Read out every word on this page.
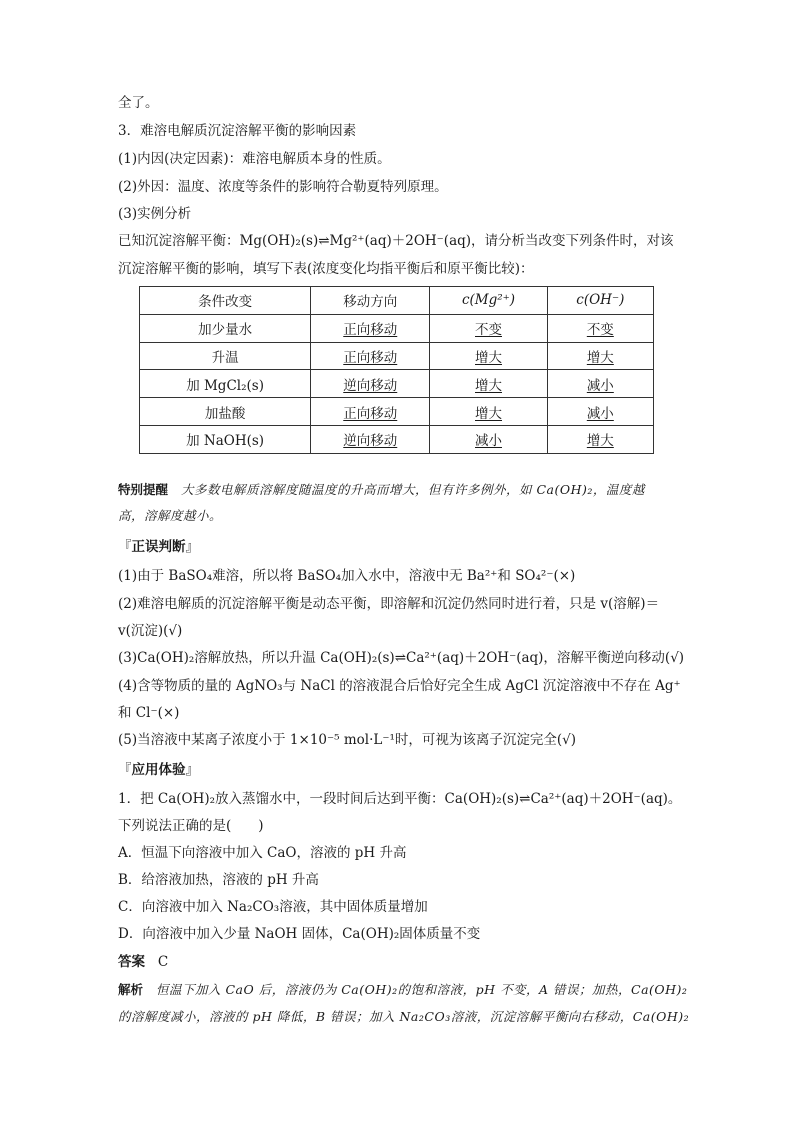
全了。
3．难溶电解质沉淀溶解平衡的影响因素
(1)内因(决定因素)：难溶电解质本身的性质。
(2)外因：温度、浓度等条件的影响符合勒夏特列原理。
(3)实例分析
已知沉淀溶解平衡：Mg(OH)₂(s)⇌Mg²⁺(aq)＋2OH⁻(aq)，请分析当改变下列条件时，对该
沉淀溶解平衡的影响，填写下表(浓度变化均指平衡后和原平衡比较)：
条件改变	移动方向	c(Mg²⁺)	c(OH⁻)
加少量水	正向移动	不变	不变
升温	正向移动	增大	增大
加 MgCl₂(s)	逆向移动	增大	减小
加盐酸	正向移动	增大	减小
加 NaOH(s)	逆向移动	减小	增大
特别提醒　大多数电解质溶解度随温度的升高而增大，但有许多例外，如 Ca(OH)₂，温度越
高，溶解度越小。
『正误判断』
(1)由于 BaSO₄难溶，所以将 BaSO₄加入水中，溶液中无 Ba²⁺和 SO₄²⁻(×)
(2)难溶电解质的沉淀溶解平衡是动态平衡，即溶解和沉淀仍然同时进行着，只是 v(溶解)＝
v(沉淀)(√)
(3)Ca(OH)₂溶解放热，所以升温 Ca(OH)₂(s)⇌Ca²⁺(aq)＋2OH⁻(aq)，溶解平衡逆向移动(√)
(4)含等物质的量的 AgNO₃与 NaCl 的溶液混合后恰好完全生成 AgCl 沉淀溶液中不存在 Ag⁺
和 Cl⁻(×)
(5)当溶液中某离子浓度小于 1×10⁻⁵ mol·L⁻¹时，可视为该离子沉淀完全(√)
『应用体验』
1．把 Ca(OH)₂放入蒸馏水中，一段时间后达到平衡：Ca(OH)₂(s)⇌Ca²⁺(aq)＋2OH⁻(aq)。
下列说法正确的是(　　)
A．恒温下向溶液中加入 CaO，溶液的 pH 升高
B．给溶液加热，溶液的 pH 升高
C．向溶液中加入 Na₂CO₃溶液，其中固体质量增加
D．向溶液中加入少量 NaOH 固体，Ca(OH)₂固体质量不变
答案 C
解析　恒温下加入 CaO 后，溶液仍为 Ca(OH)₂的饱和溶液，pH 不变，A 错误；加热，Ca(OH)₂
的溶解度减小，溶液的 pH 降低，B 错误；加入 Na₂CO₃溶液，沉淀溶解平衡向右移动，Ca(OH)₂
